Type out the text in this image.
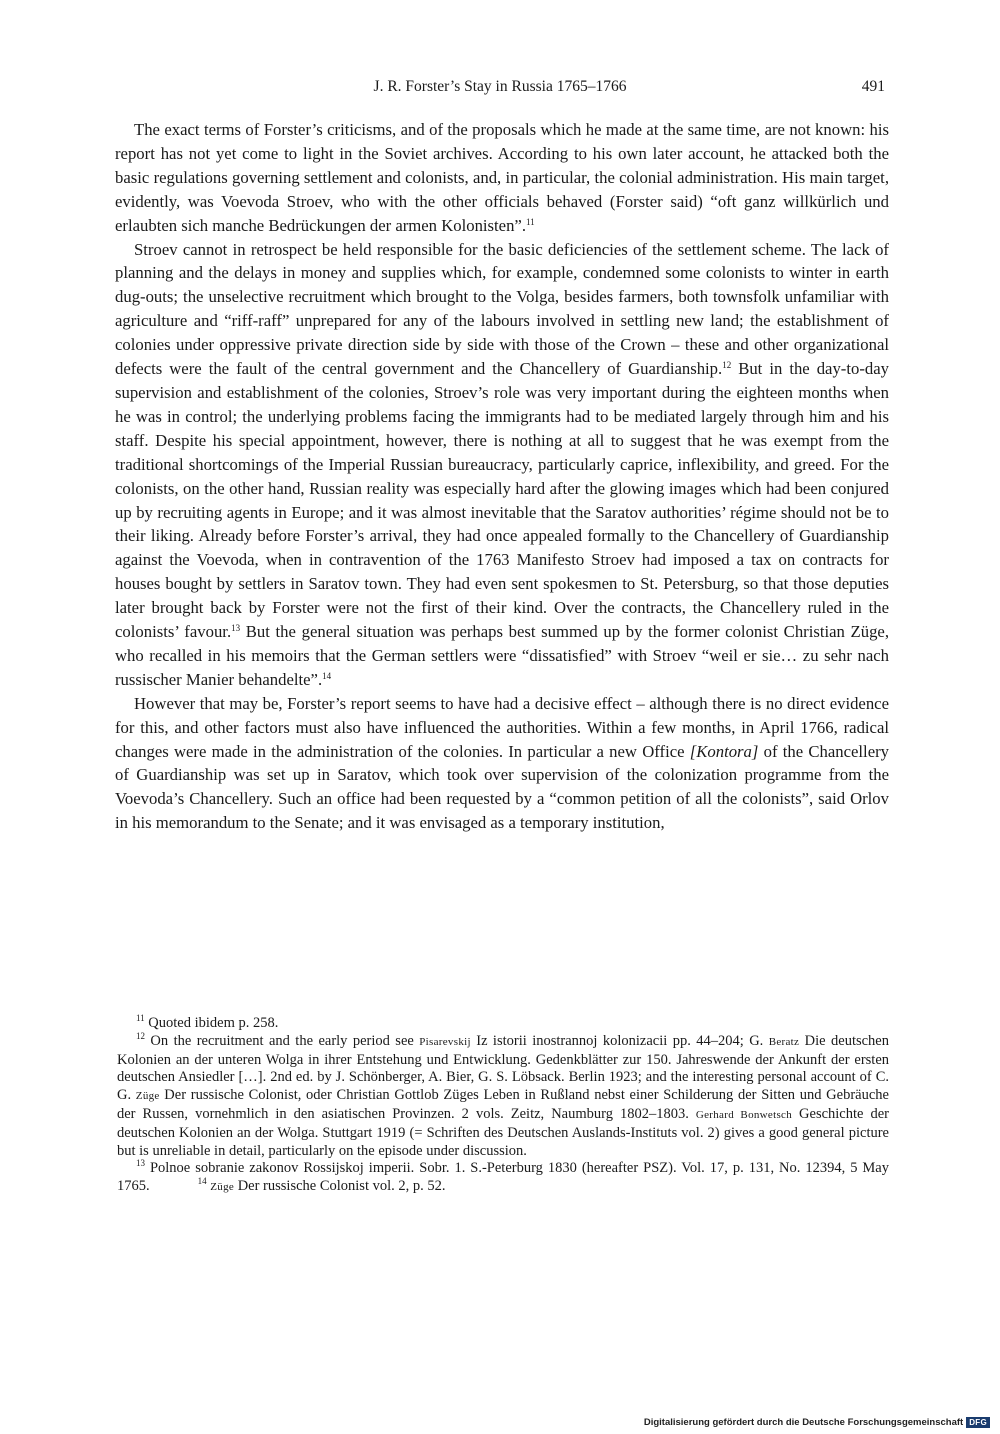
J. R. Forster’s Stay in Russia 1765–1766	491

The exact terms of Forster’s criticisms, and of the proposals which he made at the same time, are not known: his report has not yet come to light in the Soviet archives. According to his own later account, he attacked both the basic regulations governing settlement and colonists, and, in particular, the colonial administration. His main target, evidently, was Voevoda Stroev, who with the other officials behaved (Forster said) “oft ganz willkürlich und erlaubten sich manche Bedrückungen der armen Kolonisten”.$^{11}$

Stroev cannot in retrospect be held responsible for the basic deficiencies of the settlement scheme. The lack of planning and the delays in money and supplies which, for example, condemned some colonists to winter in earth dug-outs; the unselective recruitment which brought to the Volga, besides farmers, both townsfolk unfamiliar with agriculture and “riff-raff” unprepared for any of the labours involved in settling new land; the establishment of colonies under oppressive private direction side by side with those of the Crown – these and other organizational defects were the fault of the central government and the Chancellery of Guardianship.$^{12}$ But in the day-to-day supervision and establishment of the colonies, Stroev’s role was very important during the eighteen months when he was in control; the underlying problems facing the immigrants had to be mediated largely through him and his staff. Despite his special appointment, however, there is nothing at all to suggest that he was exempt from the traditional shortcomings of the Imperial Russian bureaucracy, particularly caprice, inflexibility, and greed. For the colonists, on the other hand, Russian reality was especially hard after the glowing images which had been conjured up by recruiting agents in Europe; and it was almost inevitable that the Saratov authorities’ régime should not be to their liking. Already before Forster’s arrival, they had once appealed formally to the Chancellery of Guardianship against the Voevoda, when in contravention of the 1763 Manifesto Stroev had imposed a tax on contracts for houses bought by settlers in Saratov town. They had even sent spokesmen to St. Petersburg, so that those deputies later brought back by Forster were not the first of their kind. Over the contracts, the Chancellery ruled in the colonists’ favour.$^{13}$ But the general situation was perhaps best summed up by the former colonist Christian Züge, who recalled in his memoirs that the German settlers were “dissatisfied” with Stroev “weil er sie… zu sehr nach russischer Manier behandelte”.$^{14}$

However that may be, Forster’s report seems to have had a decisive effect – although there is no direct evidence for this, and other factors must also have influenced the authorities. Within a few months, in April 1766, radical changes were made in the administration of the colonies. In particular a new Office [Kontora] of the Chancellery of Guardianship was set up in Saratov, which took over supervision of the colonization programme from the Voevoda’s Chancellery. Such an office had been requested by a “common petition of all the colonists”, said Orlov in his memorandum to the Senate; and it was envisaged as a temporary institution,

$^{11}$ Quoted ibidem p. 258.

$^{12}$ On the recruitment and the early period see Pisarevskij Iz istorii inostrannoj kolonizacii pp. 44–204; G. Beratz Die deutschen Kolonien an der unteren Wolga in ihrer Entstehung und Entwicklung. Gedenkblätter zur 150. Jahreswende der Ankunft der ersten deutschen Ansiedler […]. 2nd ed. by J. Schönberger, A. Bier, G. S. Löbsack. Berlin 1923; and the interesting personal account of C. G. Züge Der russische Colonist, oder Christian Gottlob Züges Leben in Rußland nebst einer Schilderung der Sitten und Gebräuche der Russen, vornehmlich in den asiatischen Provinzen. 2 vols. Zeitz, Naumburg 1802–1803. Gerhard Bonwetsch Geschichte der deutschen Kolonien an der Wolga. Stuttgart 1919 (= Schriften des Deutschen Auslands-Instituts vol. 2) gives a good general picture but is unreliable in detail, particularly on the episode under discussion.

$^{13}$ Polnoe sobranie zakonov Rossijskoj imperii. Sobr. 1. S.-Peterburg 1830 (hereafter PSZ). Vol. 17, p. 131, No. 12394, 5 May 1765.	$^{14}$ Züge Der russische Colonist vol. 2, p. 52.

Digitalisierung gefördert durch die Deutsche Forschungsgemeinschaft DFG
